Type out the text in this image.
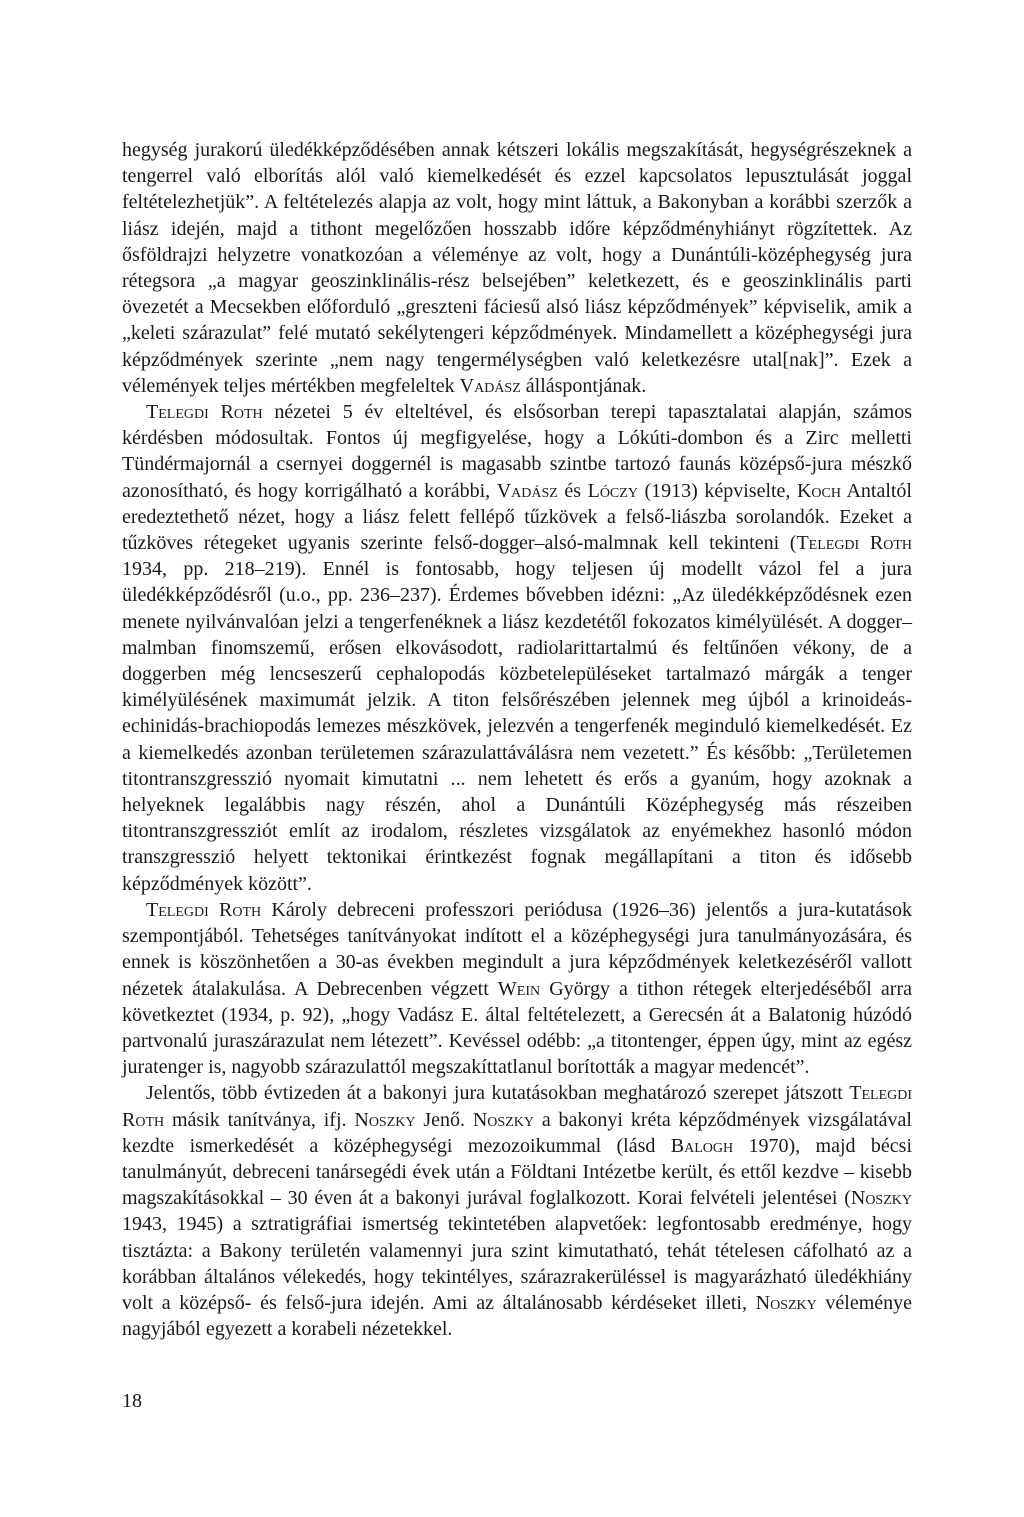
hegység jurakorú üledékképződésében annak kétszeri lokális megszakítását, hegységrészeknek a tengerrel való elborítás alól való kiemelkedését és ezzel kapcsolatos lepusztulását joggal feltételezhetjük”. A feltételezés alapja az volt, hogy mint láttuk, a Bakonyban a korábbi szerzők a liász idején, majd a tithont megelőzően hosszabb időre képződményhiányt rögzítettek. Az ősföldrajzi helyzetre vonatkozóan a véleménye az volt, hogy a Dunántúli-középhegység jura rétegsora „a magyar geoszinklinális-rész belsejében” keletkezett, és e geoszinklinális parti övezetét a Mecsekben előforduló „greszteni fáciesű alsó liász képződmények” képviselik, amik a „keleti szárazulat” felé mutató sekélytengeri képződmények. Mindamellett a középhegységi jura képződmények szerinte „nem nagy tengermélységben való keletkezésre utal[nak]”. Ezek a vélemények teljes mértékben megfeleltek Vadász álláspontjának.

Telegdi Roth nézetei 5 év elteltével, és elsősorban terepi tapasztalatai alapján, számos kérdésben módosultak. Fontos új megfigyelése, hogy a Lókúti-dombon és a Zirc melletti Tündérmajornál a csernyei doggernél is magasabb szintbe tartozó faunás középső-jura mészkő azonosítható, és hogy korrigálható a korábbi, Vadász és Lóczy (1913) képviselte, Koch Antaltól eredeztethető nézet, hogy a liász felett fellépő tűzkövek a felső-liászba sorolandók. Ezeket a tűzköves rétegeket ugyanis szerinte felső-dogger–alsó-malmnak kell tekinteni (Telegdi Roth 1934, pp. 218–219). Ennél is fontosabb, hogy teljesen új modellt vázol fel a jura üledékképződésről (u.o., pp. 236–237). Érdemes bővebben idézni: „Az üledékképződésnek ezen menete nyilvánvalóan jelzi a tengerfenéknek a liász kezdetétől fokozatos kimélyülését. A dogger–malmban finomszemű, erősen elkovásodott, radiolarittartalmú és feltűnően vékony, de a doggerben még lencseszerű cephalopodás közbetelepüléseket tartalmazó márgák a tenger kimélyülésének maximumát jelzik. A titon felsőrészében jelennek meg újból a krinoideás-echinidás-brachiopodás lemezes mészkövek, jelezvén a tengerfenék meginduló kiemelkedését. Ez a kiemelkedés azonban területemen szárazulattáválásra nem vezetett.” És később: „Területemen titontranszgresszió nyomait kimutatni ... nem lehetett és erős a gyanúm, hogy azoknak a helyeknek legalábbis nagy részén, ahol a Dunántúli Középhegység más részeiben titontranszgressziót említ az irodalom, részletes vizsgálatok az enyémekhez hasonló módon transzgresszió helyett tektonikai érintkezést fognak megállapítani a titon és idősebb képződmények között”.

Telegdi Roth Károly debreceni professzori periódusa (1926–36) jelentős a jura-kutatások szempontjából. Tehetséges tanítványokat indított el a középhegységi jura tanulmányozására, és ennek is köszönhetően a 30-as években megindult a jura képződmények keletkezéséről vallott nézetek átalakulása. A Debrecenben végzett Wein György a tithon rétegek elterjedéséből arra következtet (1934, p. 92), „hogy Vadász E. által feltételezett, a Gerecsén át a Balatonig húzódó partvonalú juraszárazulat nem létezett”. Kevéssel odébb: „a titontenger, éppen úgy, mint az egész juratenger is, nagyobb szárazulattól megszakíttatlanul borították a magyar medencét”.

Jelentős, több évtizeden át a bakonyi jura kutatásokban meghatározó szerepet játszott Telegdi Roth másik tanítványa, ifj. Noszky Jenő. Noszky a bakonyi kréta képződmények vizsgálatával kezdte ismerkedését a középhegységi mezozoikummal (lásd Balogh 1970), majd bécsi tanulmányút, debreceni tanársegédi évek után a Földtani Intézetbe került, és ettől kezdve – kisebb magszakításokkal – 30 éven át a bakonyi jurával foglalkozott. Korai felvételi jelentései (Noszky 1943, 1945) a sztratigráfiai ismertség tekintetében alapvetőek: legfontosabb eredménye, hogy tisztázta: a Bakony területén valamennyi jura szint kimutatható, tehát tételesen cáfolható az a korábban általános vélekedés, hogy tekintélyes, szárazrakerüléssel is magyarázható üledékhiány volt a középső- és felső-jura idején. Ami az általánosabb kérdéseket illeti, Noszky véleménye nagyjából egyezett a korabeli nézetekkel.

18
